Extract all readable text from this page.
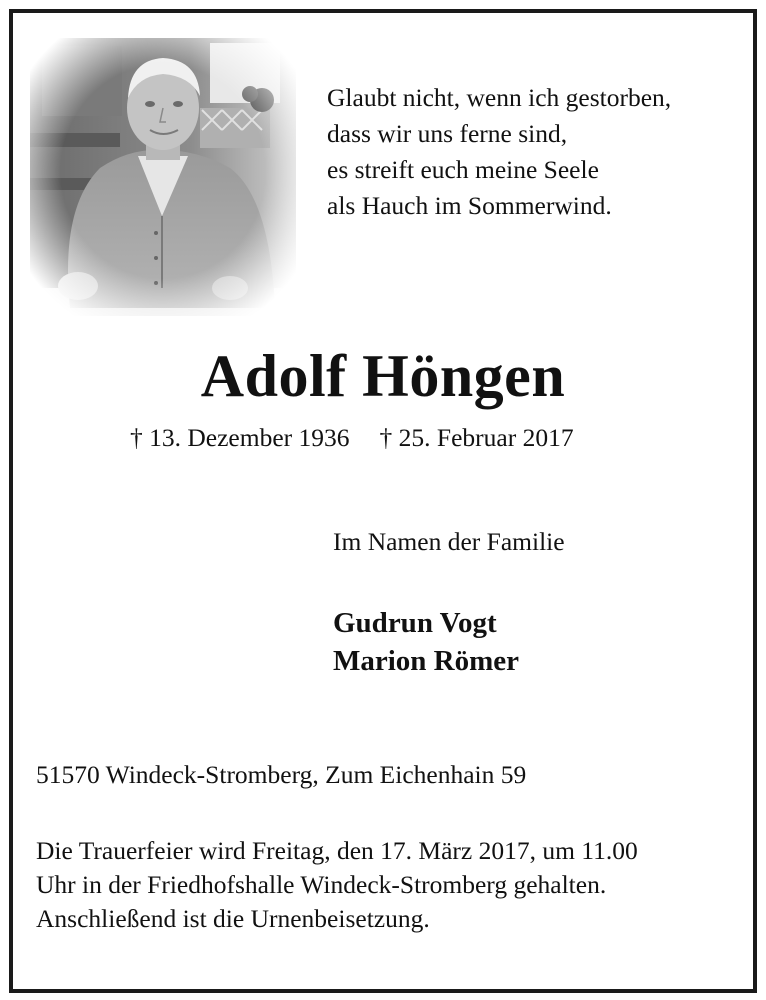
Glaubt nicht, wenn ich gestorben,
dass wir uns ferne sind,
es streift euch meine Seele
als Hauch im Sommerwind.
Adolf Höngen
† 13. Dezember 1936 † 25. Februar 2017
Im Namen der Familie
Gudrun Vogt
Marion Römer
51570 Windeck-Stromberg, Zum Eichenhain 59
Die Trauerfeier wird Freitag, den 17. März 2017, um 11.00
Uhr in der Friedhofshalle Windeck-Stromberg gehalten.
Anschließend ist die Urnenbeisetzung.
